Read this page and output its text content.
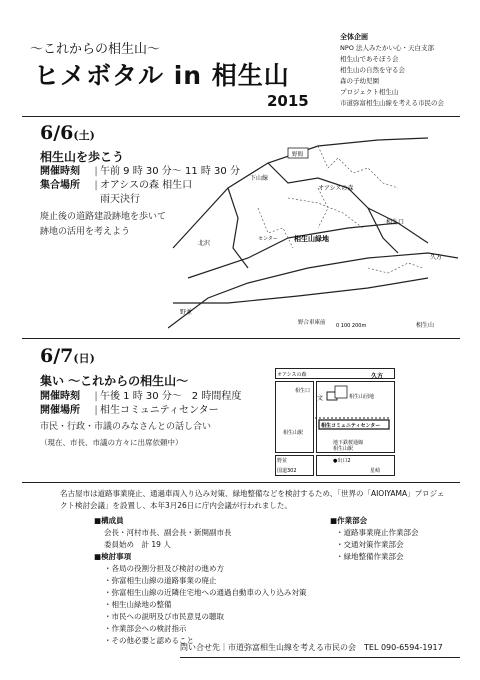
〜これからの相生山〜
ヒメボタル in 相生山
2015
全体企画
NPO 法人みたかい心・天白支部
相生山であそぼう会
相生山の自然を守る会
森の子幼児園
プロジェクト相生山
市道弥富相生山線を考える市民の会
6/6(土)
相生山を歩こう
開催時刻 | 午前 9 時 30 分〜 11 時 30 分
集合場所 | オアシスの森 相生口
雨天決行
廃止後の道路建設跡地を歩いて
跡地の活用を考えよう
野間
オアシスの森
下山線
相生口
センター 相生山緑地
北沢
久方
野並
野合車庫前	相生山
0 100 200m
6/7(日)
集い 〜これからの相生山〜
開催時刻 | 午後 1 時 30 分〜　2 時間程度
開催場所 | 相生コミュニティセンター
市民・行政・市議のみなさんとの話し合い
（現在、市長、市議の方々に出席依頼中）
オアシスの森
相生口
久方
文	相生山団地
相生コミュニティセンター
相生山駅
地下鉄桜通線
相生山駅
●出口2
野並
国道302	星崎
名古屋市は道路事業廃止、通過車両入り込み対策、緑地整備などを検討するため、「世界の「AIOIYAMA」プロジェクト検討会議」を設置し、本年3月26日に庁内会議が行われました。
■構成員
会長・河村市長、副会長・新開副市長
委員始め　計 19 人
■検討事項
・各局の役割分担及び検討の進め方
・弥富相生山線の道路事業の廃止
・弥富相生山線の近隣住宅地への通過自動車の入り込み対策
・相生山緑地の整備
・市民への説明及び市民意見の聴取
・作業部会への検討指示
・その他必要と認めること
■作業部会
・道路事業廃止作業部会
・交通対策作業部会
・緑地整備作業部会
問い合せ先｜市道弥富相生山線を考える市民の会　TEL 090-6594-1917
